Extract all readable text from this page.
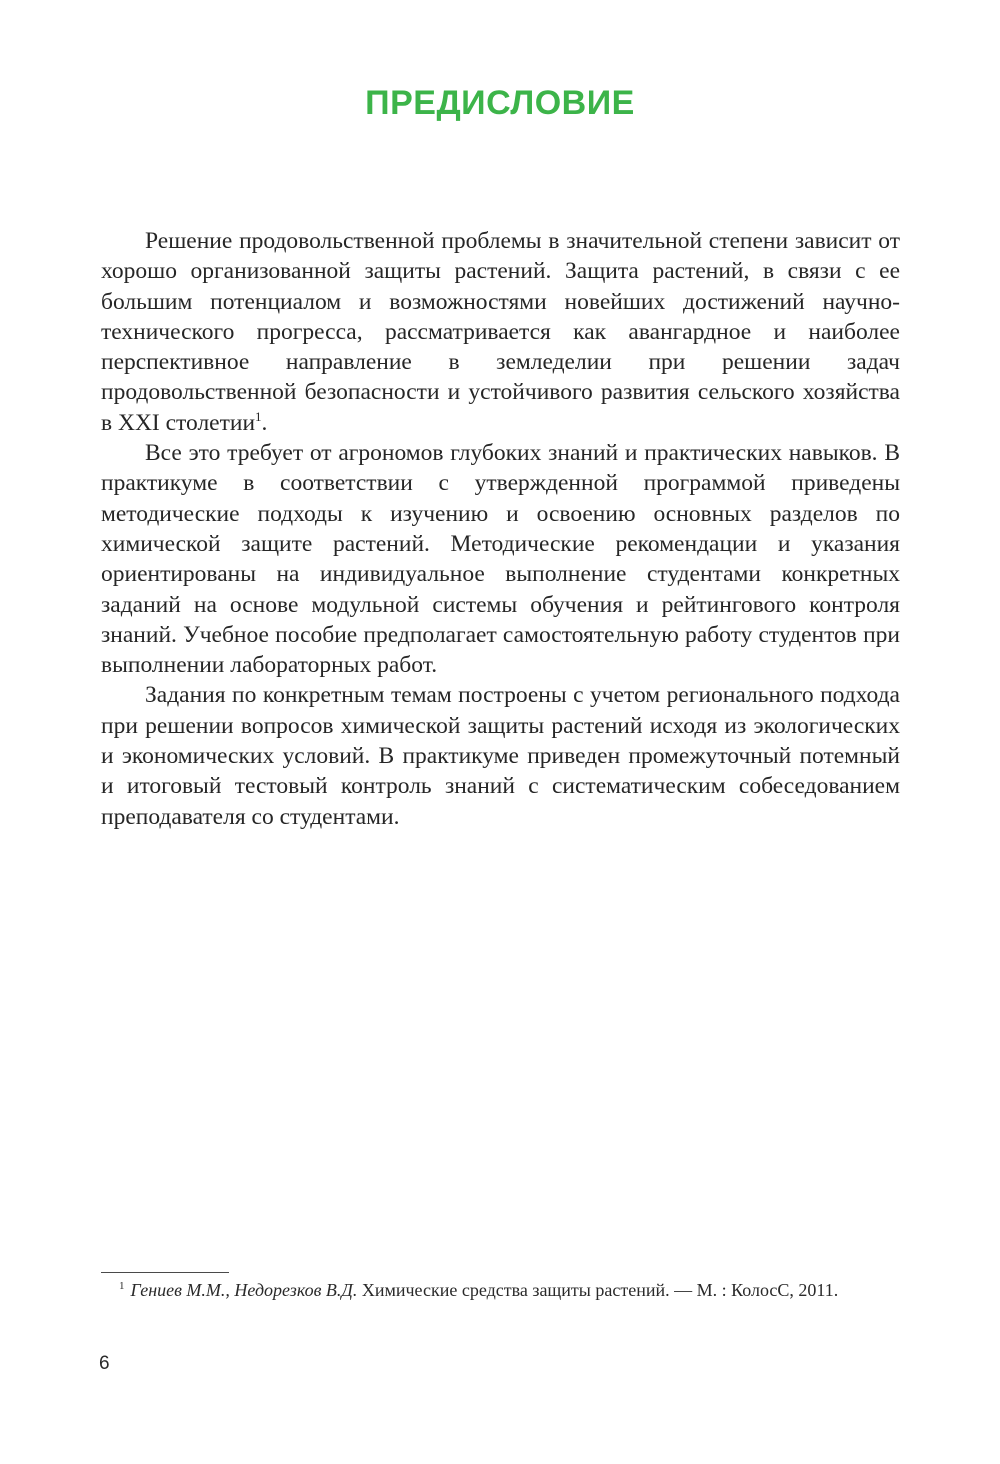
ПРЕДИСЛОВИЕ

Решение продовольственной проблемы в значительной степени зависит от хорошо организованной защиты растений. Защита растений, в связи с ее большим потенциалом и возможностями новейших достижений научно-технического прогресса, рассматривается как авангардное и наиболее перспективное направление в земледелии при решении задач продовольственной безопасности и устойчивого развития сельского хозяйства в XXI столетии$^1$.

Все это требует от агрономов глубоких знаний и практических навыков. В практикуме в соответствии с утвержденной программой приведены методические подходы к изучению и освоению основных разделов по химической защите растений. Методические рекомендации и указания ориентированы на индивидуальное выполнение студентами конкретных заданий на основе модульной системы обучения и рейтингового контроля знаний. Учебное пособие предполагает самостоятельную работу студентов при выполнении лабораторных работ.

Задания по конкретным темам построены с учетом регионального подхода при решении вопросов химической защиты растений исходя из экологических и экономических условий. В практикуме приведен промежуточный потемный и итоговый тестовый контроль знаний с систематическим собеседованием преподавателя со студентами.

$^1$ Гениев М.М., Недорезков В.Д. Химические средства защиты растений. — М. : КолосС, 2011.

6
